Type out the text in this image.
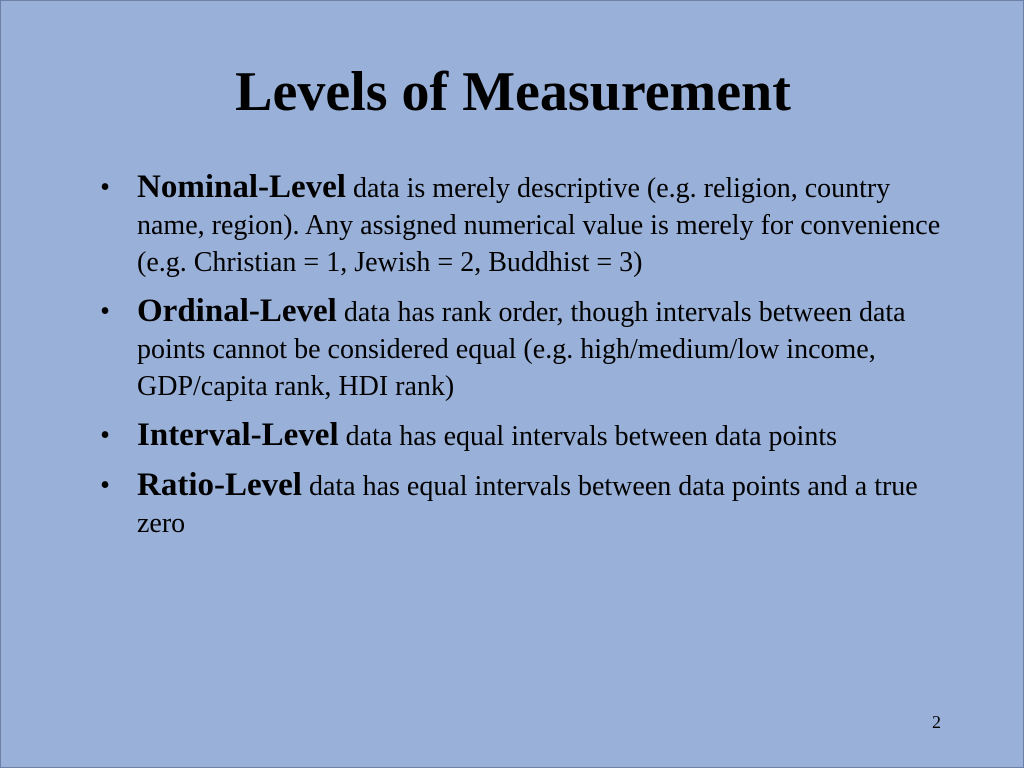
Levels of Measurement
• Nominal-Level data is merely descriptive (e.g. religion, country name, region). Any assigned numerical value is merely for convenience (e.g. Christian = 1, Jewish = 2, Buddhist = 3)
• Ordinal-Level data has rank order, though intervals between data points cannot be considered equal (e.g. high/medium/low income, GDP/capita rank, HDI rank)
• Interval-Level data has equal intervals between data points
• Ratio-Level data has equal intervals between data points and a true zero
2
